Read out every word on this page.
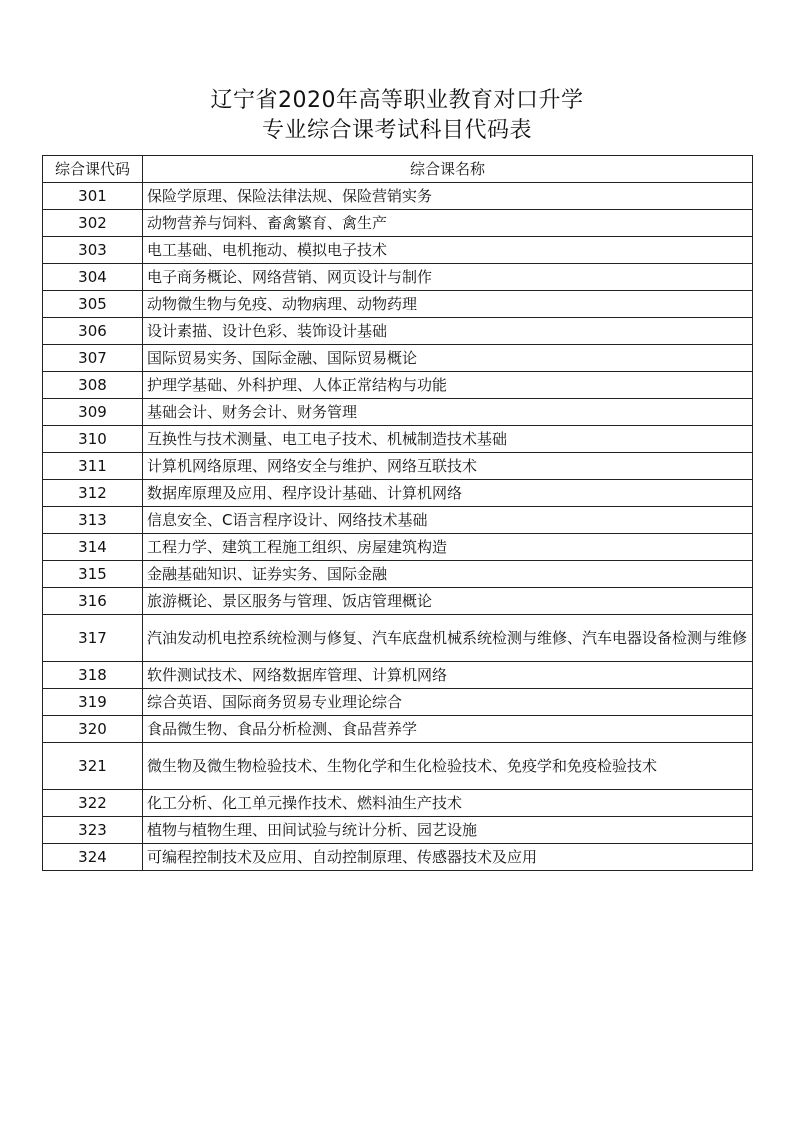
辽宁省2020年高等职业教育对口升学
专业综合课考试科目代码表
综合课代码	综合课名称
301	保险学原理、保险法律法规、保险营销实务
302	动物营养与饲料、畜禽繁育、禽生产
303	电工基础、电机拖动、模拟电子技术
304	电子商务概论、网络营销、网页设计与制作
305	动物微生物与免疫、动物病理、动物药理
306	设计素描、设计色彩、装饰设计基础
307	国际贸易实务、国际金融、国际贸易概论
308	护理学基础、外科护理、人体正常结构与功能
309	基础会计、财务会计、财务管理
310	互换性与技术测量、电工电子技术、机械制造技术基础
311	计算机网络原理、网络安全与维护、网络互联技术
312	数据库原理及应用、程序设计基础、计算机网络
313	信息安全、C语言程序设计、网络技术基础
314	工程力学、建筑工程施工组织、房屋建筑构造
315	金融基础知识、证券实务、国际金融
316	旅游概论、景区服务与管理、饭店管理概论
317	汽油发动机电控系统检测与修复、汽车底盘机械系统检测与维修、汽车电器设备检测与维修
318	软件测试技术、网络数据库管理、计算机网络
319	综合英语、国际商务贸易专业理论综合
320	食品微生物、食品分析检测、食品营养学
321	微生物及微生物检验技术、生物化学和生化检验技术、免疫学和免疫检验技术
322	化工分析、化工单元操作技术、燃料油生产技术
323	植物与植物生理、田间试验与统计分析、园艺设施
324	可编程控制技术及应用、自动控制原理、传感器技术及应用
